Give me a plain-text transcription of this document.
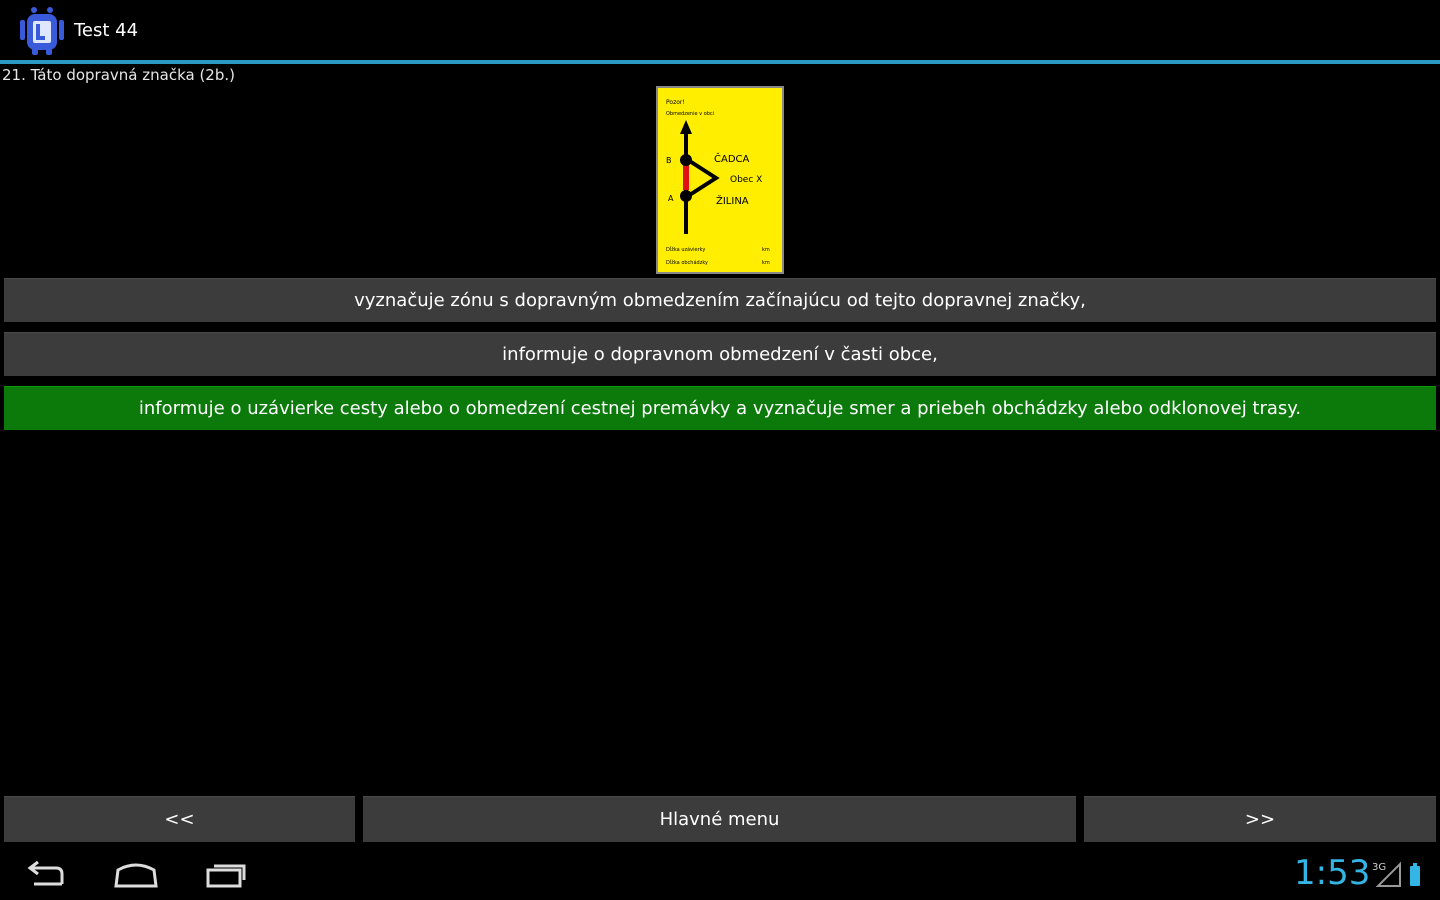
Test 44
21. Táto dopravná značka (2b.)
Pozor!
Obmedzenie v obci
B
A
ČADCA
Obec X
ŽILINA
Dĺžka uzávierky	km
Dĺžka obchádzky	km
vyznačuje zónu s dopravným obmedzením začínajúcu od tejto dopravnej značky,
informuje o dopravnom obmedzení v časti obce,
informuje o uzávierke cesty alebo o obmedzení cestnej premávky a vyznačuje smer a priebeh obchádzky alebo odklonovej trasy.
<<	Hlavné menu	>>
1:53 3G
